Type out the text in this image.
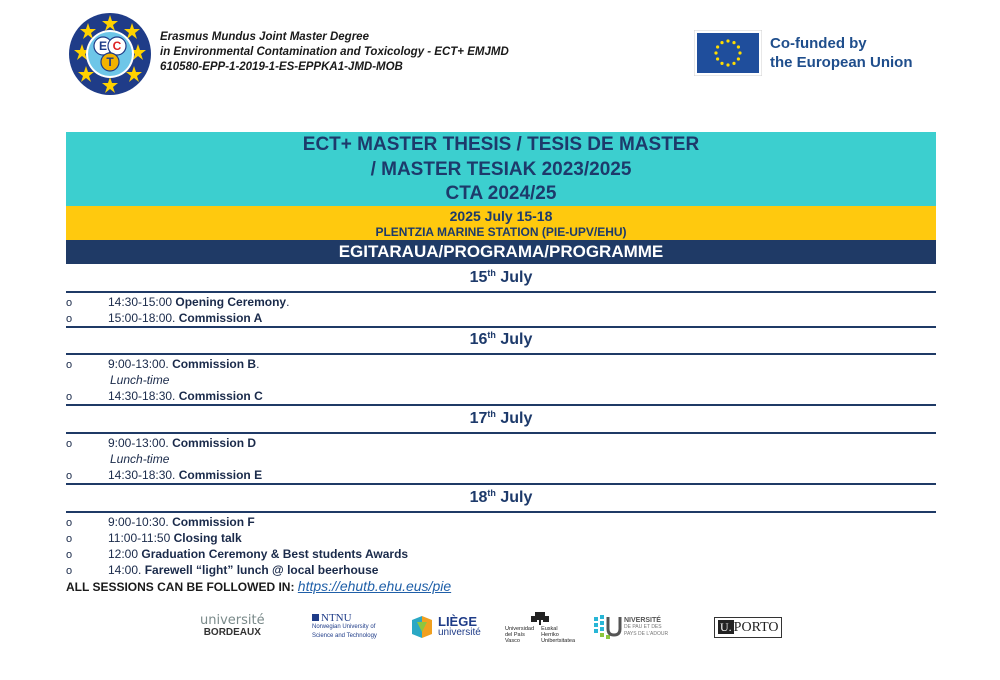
E C
T
Erasmus Mundus Joint Master Degree
in Environmental Contamination and Toxicology - ECT+ EMJMD
610580-EPP-1-2019-1-ES-EPPKA1-JMD-MOB
Co-funded by
the European Union
ECT+ MASTER THESIS / TESIS DE MASTER
/ MASTER TESIAK 2023/2025
CTA 2024/25
2025 July 15-18
PLENTZIA MARINE STATION (PIE-UPV/EHU)
EGITARAUA/PROGRAMA/PROGRAMME
15th July
o	14:30-15:00 Opening Ceremony.
o	15:00-18:00. Commission A
16th July
o	9:00-13:00. Commission B.
Lunch-time
o	14:30-18:30. Commission C
17th July
o	9:00-13:00. Commission D
Lunch-time
o	14:30-18:30. Commission E
18th July
o	9:00-10:30. Commission F
o	11:00-11:50 Closing talk
o	12:00 Graduation Ceremony & Best students Awards
o	14:00. Farewell “light” lunch @ local beerhouse
ALL SESSIONS CAN BE FOLLOWED IN: https://ehutb.ehu.eus/pie
université
BORDEAUX
NTNU
Norwegian University of
Science and Technology
LIÈGE
université	Universidad
del País Vasco
Euskal Herriko
Unibertsitatea
NIVERSITÉ
DE PAU ET DES
PAYS DE L'ADOUR	U. PORTO
